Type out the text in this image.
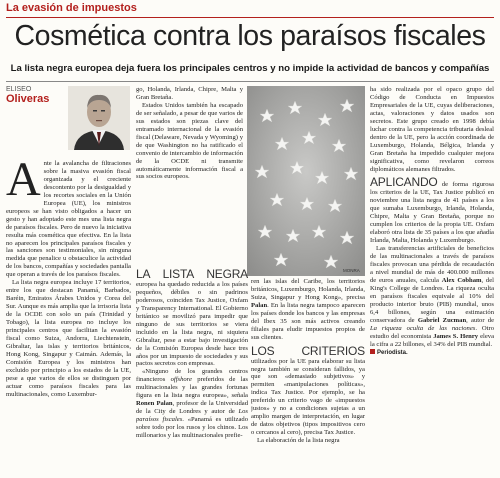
La evasión de impuestos
Cosmética contra los paraísos fiscales
La lista negra europea deja fuera los principales centros y no impide la actividad de bancos y compañías
ELISEO
Oliveras

go, Holanda, Irlanda, Chipre, Malta y Gran Bretaña.

Estados Unidos también ha escapado de ser señalado, a pesar de que varios de sus estados son piezas clave del entramado internacional de la evasión fiscal (Delaware, Nevada y Wyoming) y de que Washington no ha ratificado el convenio de intercambio de información de la OCDE ni transmite automáticamente información fiscal a sus socios europeos.

A nte la avalancha de filtraciones sobre la masiva evasión fiscal organizada y el creciente descontento por la desigualdad y los recortes sociales en la Unión Europea (UE), los ministros europeos se han visto obligados a hacer un gesto y han adoptado este mes una lista negra de paraísos fiscales. Pero de nuevo la iniciativa resulta más cosmética que efectiva. En la lista no aparecen los principales paraísos fiscales y las sanciones son testimoniales, sin ninguna medida que penalice u obstaculice la actividad de los bancos, compañías y sociedades pantalla que operan a través de los paraísos fiscales.

La lista negra europea incluye 17 territorios, entre los que destacan Panamá, Barbados, Baréin, Emiratos Árabes Unidos y Corea del Sur. Aunque es más amplia que la irrisoria lista de la OCDE con solo un país (Trinidad y Tobago), la lista europea no incluye los principales centros que facilitan la evasión fiscal como Suiza, Andorra, Liechtenstein, Gibraltar, las islas y territorios británicos, Hong Kong, Singapur y Caimán. Además, la Comisión Europea y los ministros han excluido por principio a los estados de la UE, pese a que varios de ellos se distinguen por actuar como paraísos fiscales para las multinacionales, como Luxembur-

MONRA

LA LISTA NEGRA europea ha quedado reducida a los países pequeños, débiles o sin padrinos poderosos, coinciden Tax Justice, Oxfam y Transparency International. El Gobierno británico se movilizó para impedir que ninguno de sus territorios se viera incluido en la lista negra, ni siquiera Gibraltar, pese a estar bajo investigación de la Comisión Europea desde hace tres años por un impuesto de sociedades y sus pactos secretos con empresas.

«Ninguno de los grandes centros financieros offshore preferidos de las multinacionales y las grandes fortunas figura en la lista negra europea», señala Ronen Palan, profesor de la Universidad de la City de Londres y autor de Los paraísos fiscales. «Panamá es utilizado sobre todo por los rusos y los chinos. Los millonarios y las multinacionales prefie-

ren las islas del Caribe, los territorios británicos, Luxemburgo, Holanda, Irlanda, Suiza, Singapur y Hong Kong», precisa Palan. En la lista negra tampoco aparecen los países donde los bancos y las empresas del Ibex 35 son más activos creando filiales para eludir impuestos propios de sus clientes.

LOS CRITERIOS utilizados por la UE para elaborar su lista negra también se consideran fallidos, ya que son «demasiado subjetivos» y permiten «manipulaciones políticas», indica Tax Justice. Por ejemplo, se ha preferido un criterio vago de «impuestos justos» y no a condiciones sujetas a un amplio margen de interpretación, en lugar de datos objetivos (tipos impositivos cero o cercanos al cero), precisa Tax Justice.

La elaboración de la lista negra

ha sido realizada por el opaco grupo del Código de Conducta en Impuestos Empresariales de la UE, cuyas deliberaciones, actas, valoraciones y datos usados son secretos. Este grupo creado en 1998 debía luchar contra la competencia tributaria desleal dentro de la UE, pero la acción coordinada de Luxemburgo, Holanda, Bélgica, Irlanda y Gran Bretaña ha impedido cualquier mejora significativa, como revelaron correos diplomáticos alemanes filtrados.

APLICANDO de forma rigurosa los criterios de la UE, Tax Justice publicó en noviembre una lista negra de 41 países a los que sumaba Luxemburgo, Irlanda, Holanda, Chipre, Malta y Gran Bretaña, porque no cumplen los criterios de la propia UE. Oxfam elaboró otra lista de 35 países a los que añadía Irlanda, Malta, Holanda y Luxemburgo.

Las transferencias artificiales de beneficios de las multinacionales a través de paraísos fiscales provocan una pérdida de recaudación a nivel mundial de más de 400.000 millones de euros anuales, calcula Alex Cobham, del King's College de Londres. La riqueza oculta en paraísos fiscales equivale al 10% del producto interior bruto (PIB) mundial, unos 6,4 billones, según una estimación conservadora de Gabriel Zucman, autor de La riqueza oculta de las naciones. Otro estudio del economista James S. Henry eleva la cifra a 22 billones, el 34% del PIB mundial.

Periodista.
